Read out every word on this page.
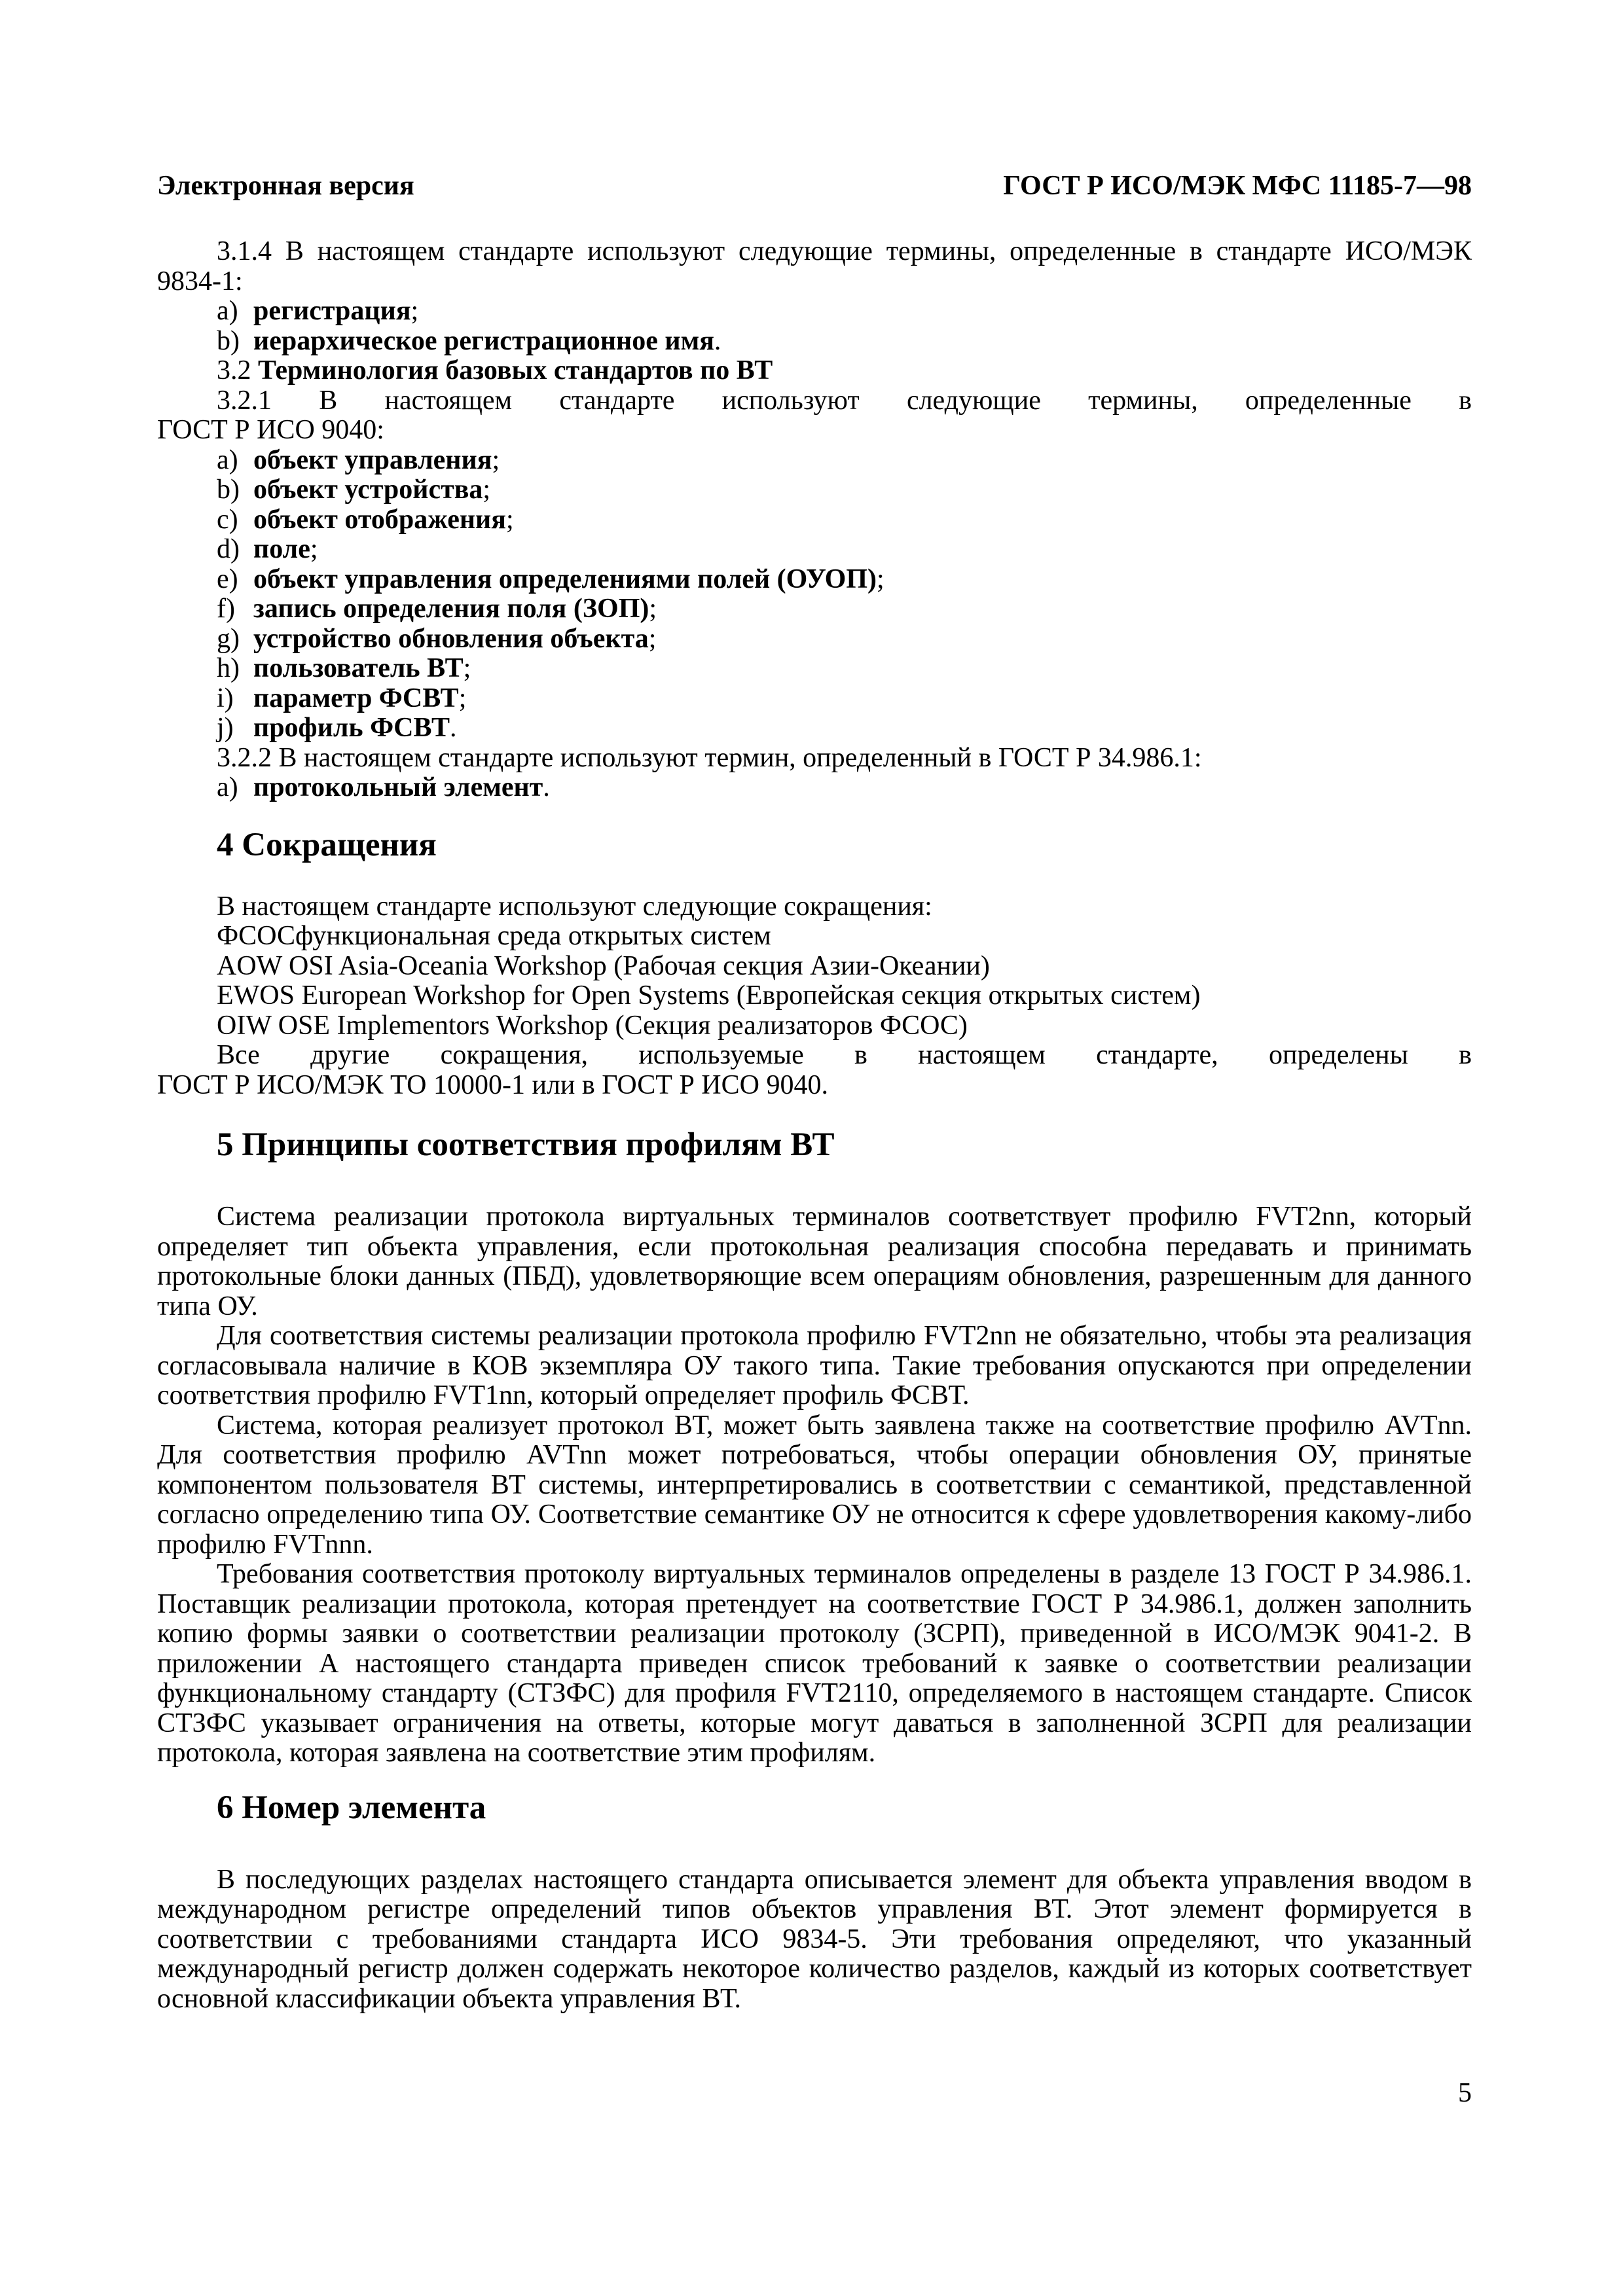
Электронная версия	ГОСТ Р ИСО/МЭК МФС 11185-7—98

3.1.4 В настоящем стандарте используют следующие термины, определенные в стандарте ИСО/МЭК 9834-1:

a) регистрация;

b) иерархическое регистрационное имя.

3.2 Терминология базовых стандартов по ВТ

3.2.1 В настоящем стандарте используют следующие термины, определенные в

ГОСТ Р ИСО 9040:

a) объект управления;

b) объект устройства;

c) объект отображения;

d) поле;

e) объект управления определениями полей (ОУОП);

f) запись определения поля (ЗОП);

g) устройство обновления объекта;

h) пользователь ВТ;

i) параметр ФСВТ;

j) профиль ФСВТ.

3.2.2 В настоящем стандарте используют термин, определенный в ГОСТ Р 34.986.1:

a) протокольный элемент.

4 Сокращения

В настоящем стандарте используют следующие сокращения:

ФСОСфункциональная среда открытых систем

AOW OSI Asia-Oceania Workshop (Рабочая секция Азии-Океании)

EWOS European Workshop for Open Systems (Европейская секция открытых систем)

OIW OSE Implementors Workshop (Секция реализаторов ФСОС)

Все другие сокращения, используемые в настоящем стандарте, определены в

ГОСТ Р ИСО/МЭК ТО 10000-1 или в ГОСТ Р ИСО 9040.

5 Принципы соответствия профилям ВТ

Система реализации протокола виртуальных терминалов соответствует профилю FVT2nn, который определяет тип объекта управления, если протокольная реализация способна передавать и принимать протокольные блоки данных (ПБД), удовлетворяющие всем операциям обновления, разрешенным для данного типа ОУ.

Для соответствия системы реализации протокола профилю FVT2nn не обязательно, чтобы эта реализация согласовывала наличие в КОВ экземпляра ОУ такого типа. Такие требования опускаются при определении соответствия профилю FVT1nn, который определяет профиль ФСВТ.

Система, которая реализует протокол ВТ, может быть заявлена также на соответствие профилю AVTnn. Для соответствия профилю AVTnn может потребоваться, чтобы операции обновления ОУ, принятые компонентом пользователя ВТ системы, интерпретировались в соответствии с семантикой, представленной согласно определению типа ОУ. Соответствие семантике ОУ не относится к сфере удовлетворения какому-либо профилю FVTnnn.

Требования соответствия протоколу виртуальных терминалов определены в разделе 13 ГОСТ Р 34.986.1. Поставщик реализации протокола, которая претендует на соответствие ГОСТ Р 34.986.1, должен заполнить копию формы заявки о соответствии реализации протоколу (ЗСРП), приведенной в ИСО/МЭК 9041-2. В приложении А настоящего стандарта приведен список требований к заявке о соответствии реализации функциональному стандарту (СТЗФС) для профиля FVT2110, определяемого в настоящем стандарте. Список СТЗФС указывает ограничения на ответы, которые могут даваться в заполненной ЗСРП для реализации протокола, которая заявлена на соответствие этим профилям.

6 Номер элемента

В последующих разделах настоящего стандарта описывается элемент для объекта управления вводом в международном регистре определений типов объектов управления ВТ. Этот элемент формируется в соответствии с требованиями стандарта ИСО 9834-5. Эти требования определяют, что указанный международный регистр должен содержать некоторое количество разделов, каждый из которых соответствует основной классификации объекта управления ВТ.

5
